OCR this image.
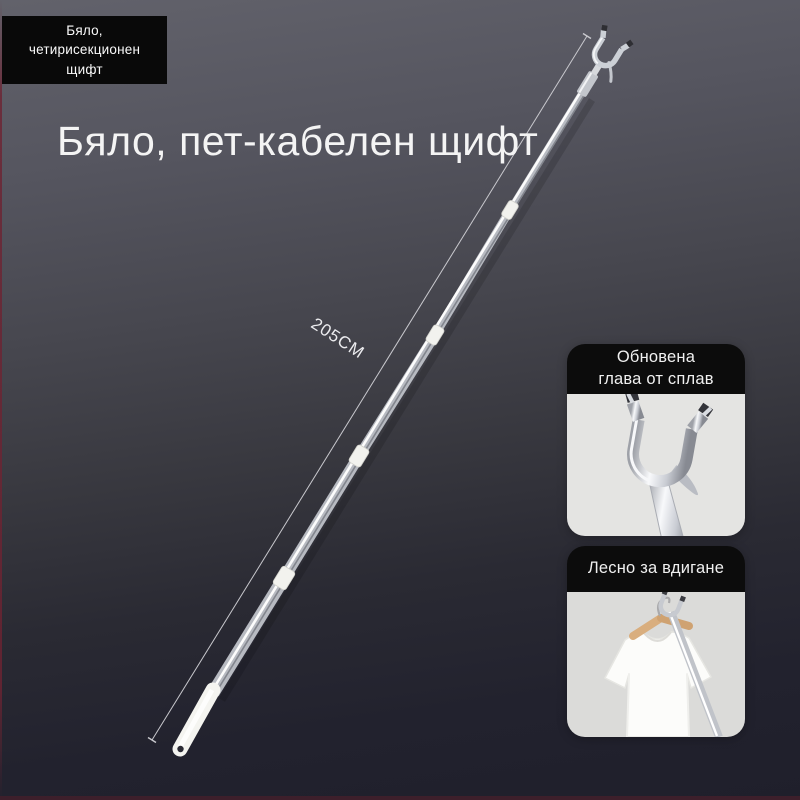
Бяло,
четирисекционен
щифт
Бяло, пет-кабелен щифт
205CM	Обновена
глава от сплав
Лесно за вдигане
